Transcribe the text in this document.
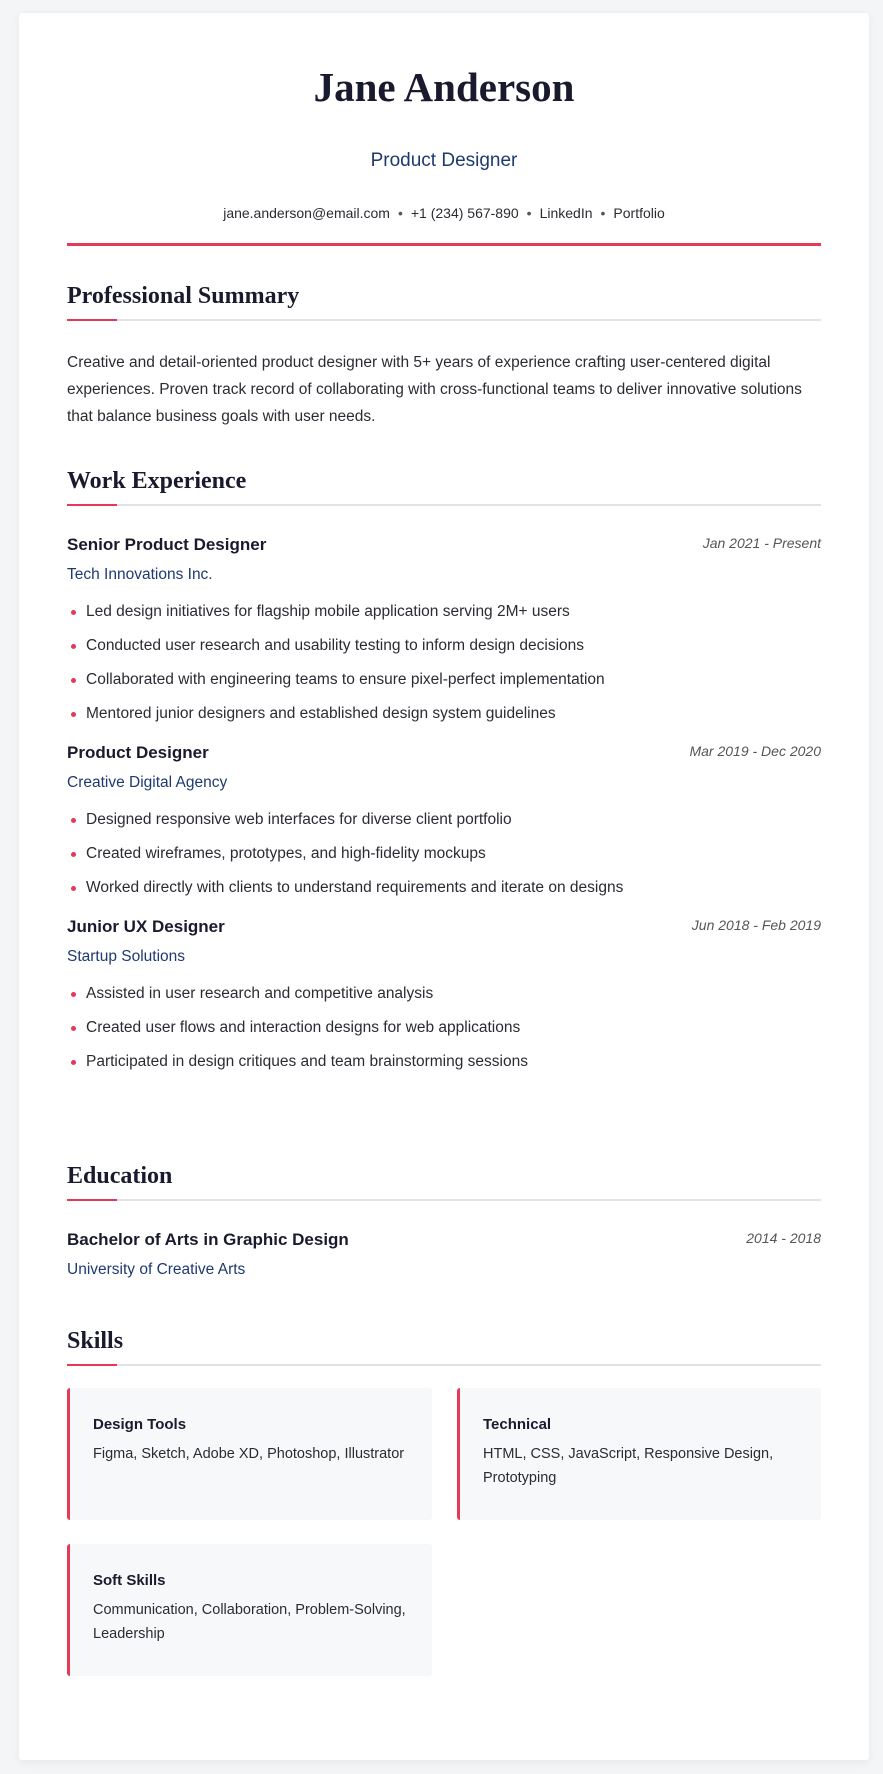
Jane Anderson
Product Designer
jane.anderson@email.com • +1 (234) 567-890 • LinkedIn • Portfolio
Professional Summary

Creative and detail-oriented product designer with 5+ years of experience crafting user-centered digital experiences. Proven track record of collaborating with cross-functional teams to deliver innovative solutions that balance business goals with user needs.

Work Experience
Senior Product Designer	Jan 2021 - Present
Tech Innovations Inc.
Led design initiatives for flagship mobile application serving 2M+ users
Conducted user research and usability testing to inform design decisions
Collaborated with engineering teams to ensure pixel-perfect implementation
Mentored junior designers and established design system guidelines
Product Designer	Mar 2019 - Dec 2020
Creative Digital Agency
Designed responsive web interfaces for diverse client portfolio
Created wireframes, prototypes, and high-fidelity mockups
Worked directly with clients to understand requirements and iterate on designs
Junior UX Designer	Jun 2018 - Feb 2019
Startup Solutions
Assisted in user research and competitive analysis
Created user flows and interaction designs for web applications
Participated in design critiques and team brainstorming sessions
Education
Bachelor of Arts in Graphic Design	2014 - 2018
University of Creative Arts
Skills
Design Tools

Figma, Sketch, Adobe XD, Photoshop, Illustrator

Technical

HTML, CSS, JavaScript, Responsive Design, Prototyping

Soft Skills

Communication, Collaboration, Problem-Solving, Leadership
